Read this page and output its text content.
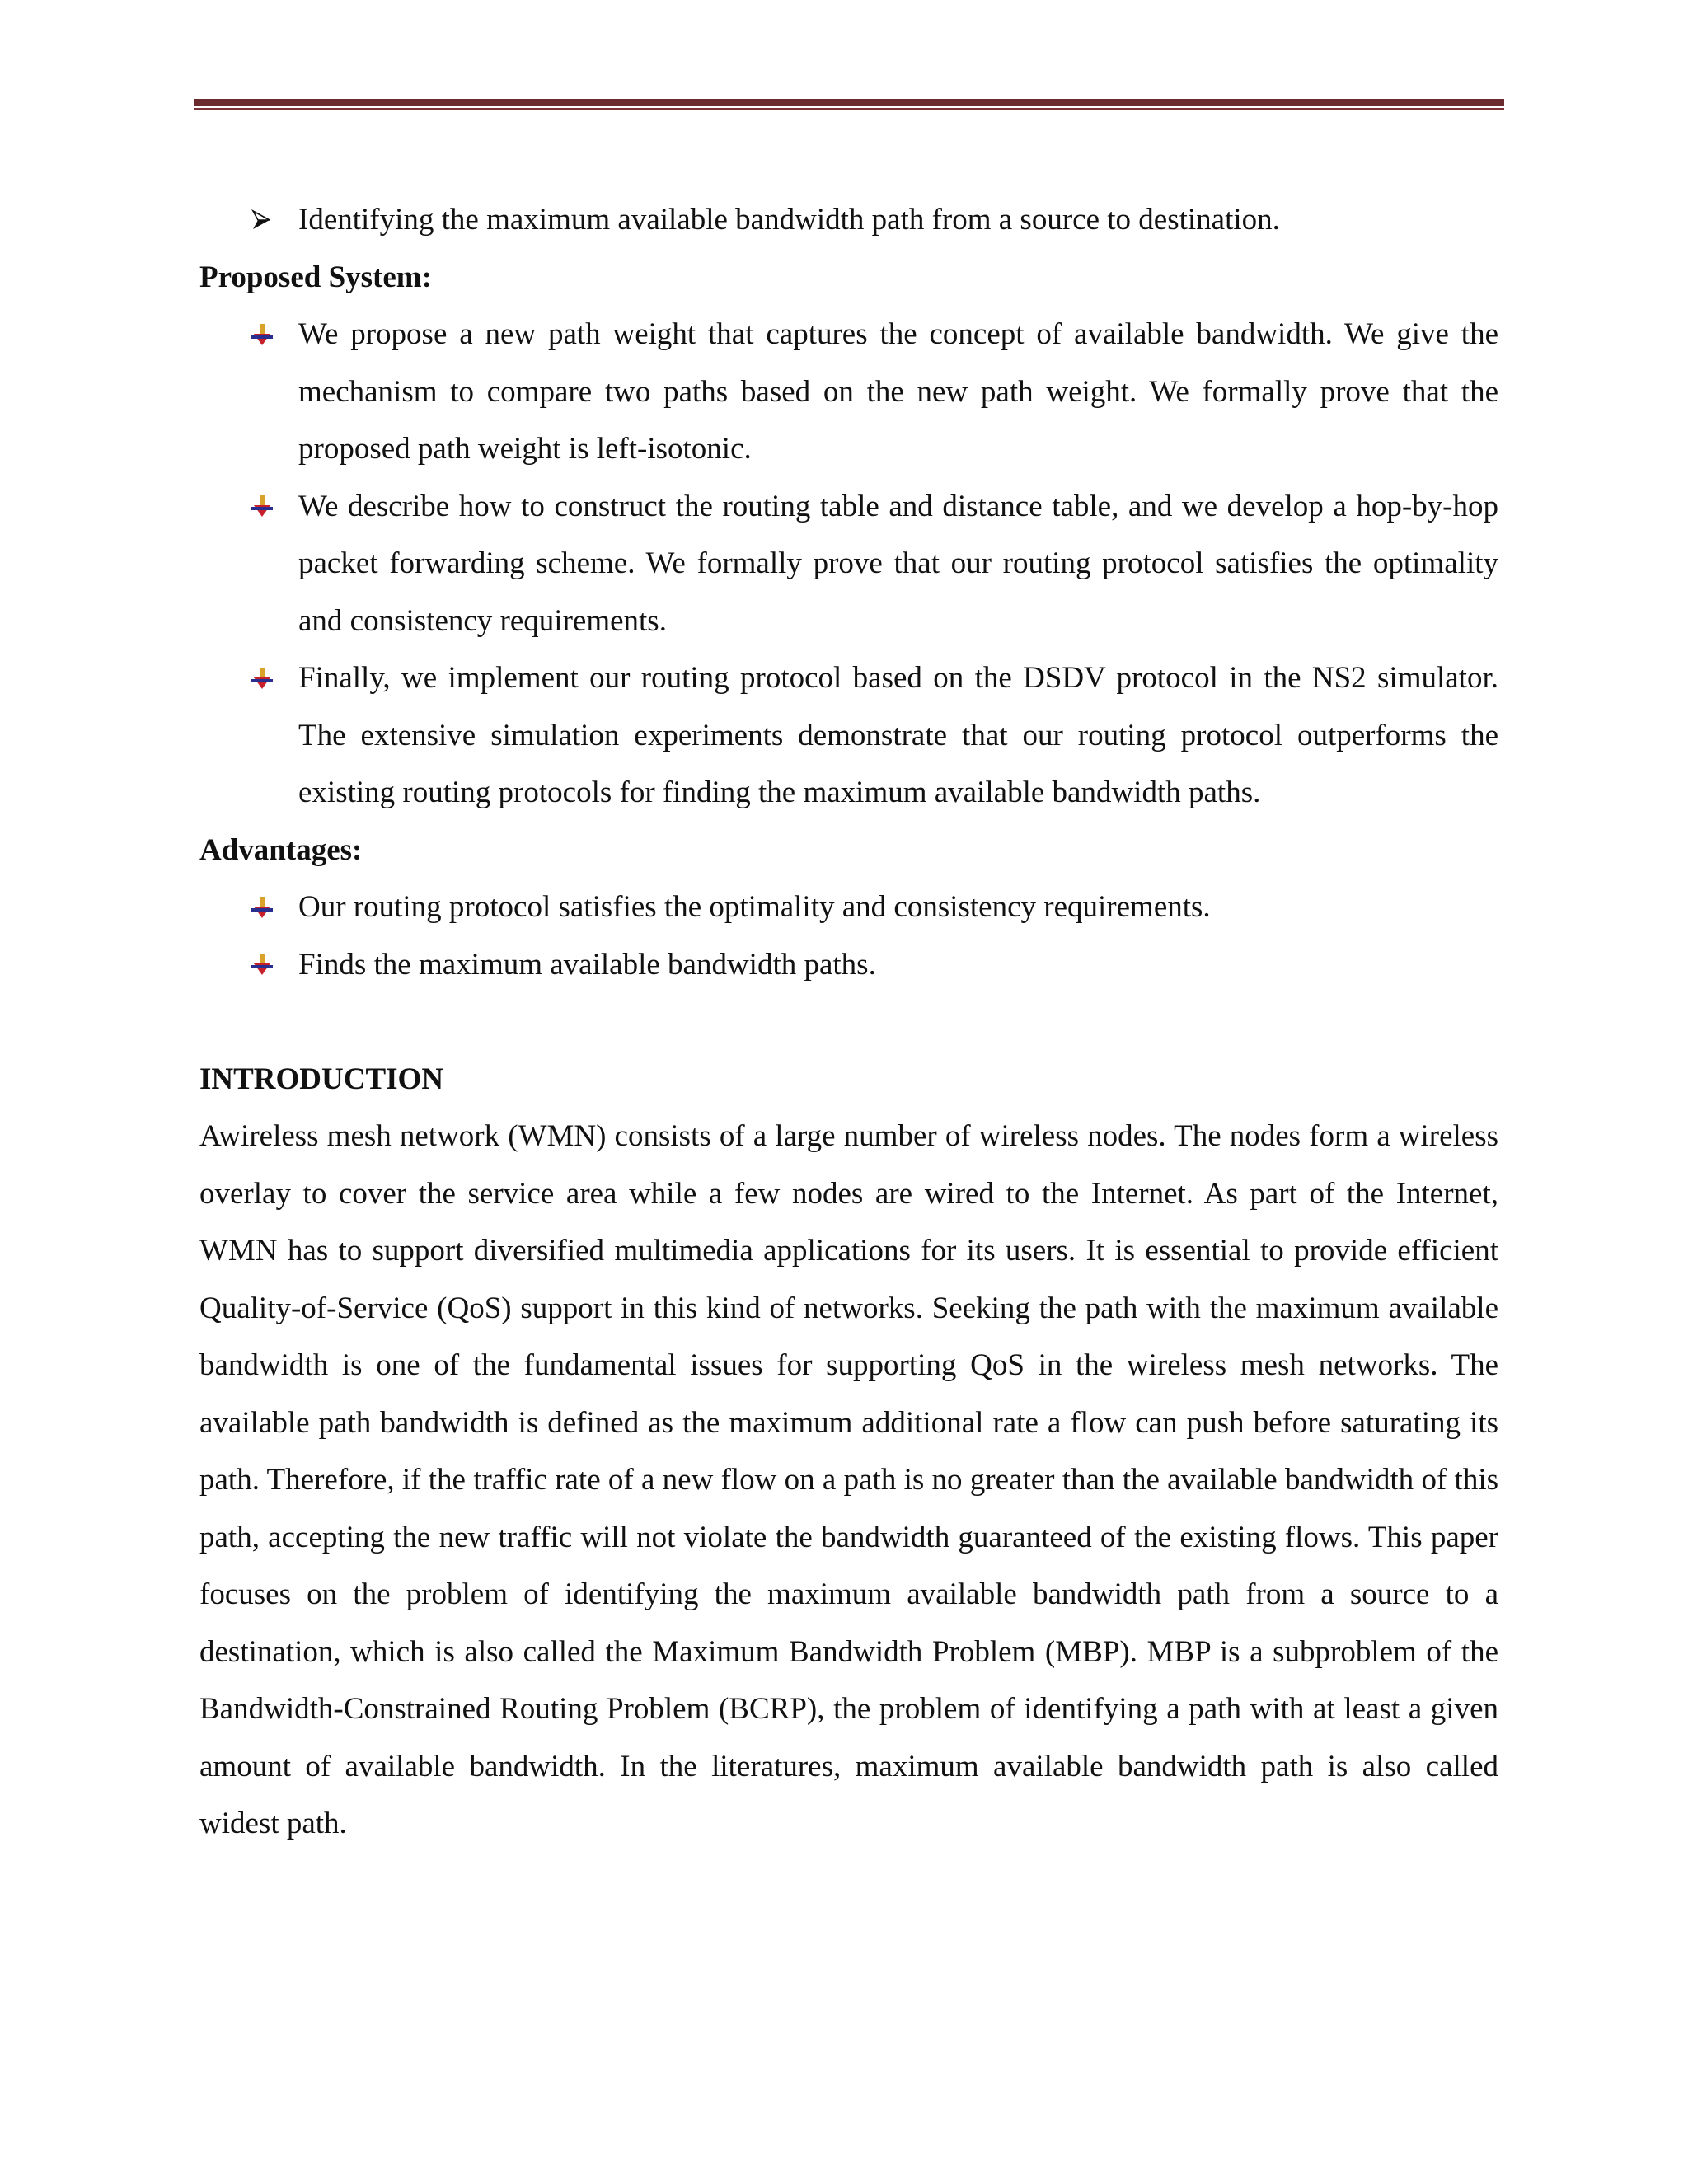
Identifying the maximum available bandwidth path from a source to destination.

Proposed System:

We propose a new path weight that captures the concept of available bandwidth. We give the mechanism to compare two paths based on the new path weight. We formally prove that the proposed path weight is left-isotonic.

We describe how to construct the routing table and distance table, and we develop a hop-by-hop packet forwarding scheme. We formally prove that our routing protocol satisfies the optimality and consistency requirements.

Finally, we implement our routing protocol based on the DSDV protocol in the NS2 simulator. The extensive simulation experiments demonstrate that our routing protocol outperforms the existing routing protocols for finding the maximum available bandwidth paths.

Advantages:

Our routing protocol satisfies the optimality and consistency requirements.

Finds the maximum available bandwidth paths.

INTRODUCTION

Awireless mesh network (WMN) consists of a large number of wireless nodes. The nodes form a wireless overlay to cover the service area while a few nodes are wired to the Internet. As part of the Internet, WMN has to support diversified multimedia applications for its users. It is essential to provide efficient Quality-of-Service (QoS) support in this kind of networks. Seeking the path with the maximum available bandwidth is one of the fundamental issues for supporting QoS in the wireless mesh networks. The available path bandwidth is defined as the maximum additional rate a flow can push before saturating its path. Therefore, if the traffic rate of a new flow on a path is no greater than the available bandwidth of this path, accepting the new traffic will not violate the bandwidth guaranteed of the existing flows. This paper focuses on the problem of identifying the maximum available bandwidth path from a source to a destination, which is also called the Maximum Bandwidth Problem (MBP). MBP is a subproblem of the Bandwidth-Constrained Routing Problem (BCRP), the problem of identifying a path with at least a given amount of available bandwidth. In the literatures, maximum available bandwidth path is also called widest path.
